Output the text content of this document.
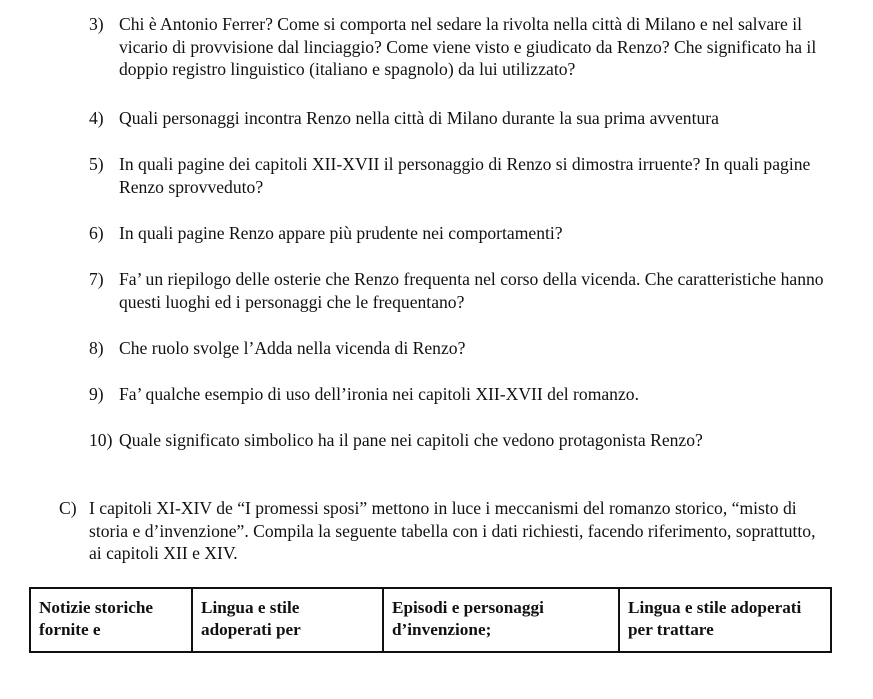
3) Chi è Antonio Ferrer? Come si comporta nel sedare la rivolta nella città di Milano e nel salvare il vicario di provvisione dal linciaggio? Come viene visto e giudicato da Renzo? Che significato ha il doppio registro linguistico (italiano e spagnolo) da lui utilizzato?
4) Quali personaggi incontra Renzo nella città di Milano durante la sua prima avventura
5) In quali pagine dei capitoli XII-XVII il personaggio di Renzo si dimostra irruente? In quali pagine Renzo sprovveduto?
6) In quali pagine Renzo appare più prudente nei comportamenti?
7) Fa’ un riepilogo delle osterie che Renzo frequenta nel corso della vicenda. Che caratteristiche hanno questi luoghi ed i personaggi che le frequentano?
8) Che ruolo svolge l’Adda nella vicenda di Renzo?
9) Fa’ qualche esempio di uso dell’ironia nei capitoli XII-XVII del romanzo.
10) Quale significato simbolico ha il pane nei capitoli che vedono protagonista Renzo?
C) I capitoli XI-XIV de “I promessi sposi” mettono in luce i meccanismi del romanzo storico, “misto di storia e d’invenzione”. Compila la seguente tabella con i dati richiesti, facendo riferimento, soprattutto, ai capitoli XII e XIV.
Notizie storiche fornite e	Lingua e stile adoperati per	Episodi e personaggi d’invenzione;	Lingua e stile adoperati per trattare
